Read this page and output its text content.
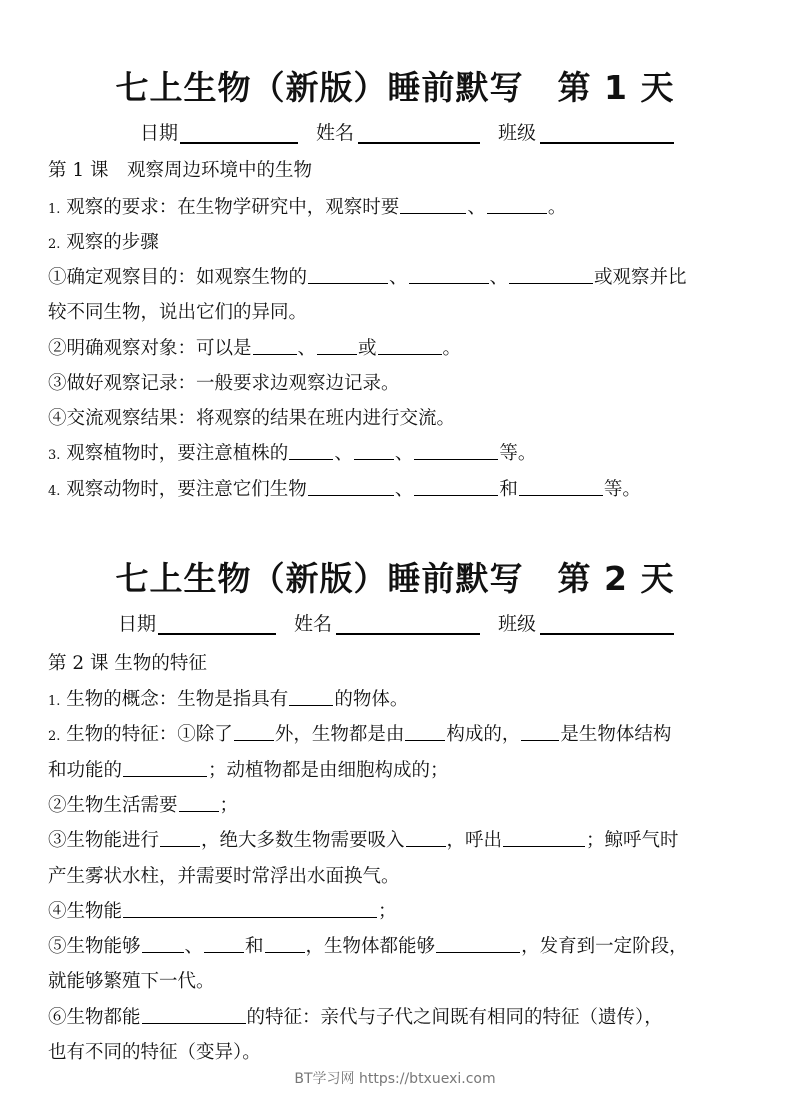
七上生物（新版）睡前默写　第 1 天
日期	姓名	班级
第 1 课　观察周边环境中的生物
1. 观察的要求：在生物学研究中，观察时要	、	。
2. 观察的步骤
①确定观察目的：如观察生物的	、	、	或观察并比
较不同生物，说出它们的异同。
②明确观察对象：可以是 、 或	。
③做好观察记录：一般要求边观察边记录。
④交流观察结果：将观察的结果在班内进行交流。
3. 观察植物时，要注意植株的 、 、	等。
4. 观察动物时，要注意它们生物	、	和	等。
七上生物（新版）睡前默写　第 2 天
日期	姓名	班级
第 2 课 生物的特征
1. 生物的概念：生物是指具有 的物体。
2. 生物的特征：①除了 外，生物都是由 构成的， 是生物体结构
和功能的	；动植物都是由细胞构成的；
②生物生活需要 ；
③生物能进行 ，绝大多数生物需要吸入 ，呼出	；鲸呼气时
产生雾状水柱，并需要时常浮出水面换气。
④生物能	；
⑤生物能够 、 和 ，生物体都能够	，发育到一定阶段，
就能够繁殖下一代。
⑥生物都能	的特征：亲代与子代之间既有相同的特征（遗传），
也有不同的特征（变异）。
BT学习网 https://btxuexi.com
